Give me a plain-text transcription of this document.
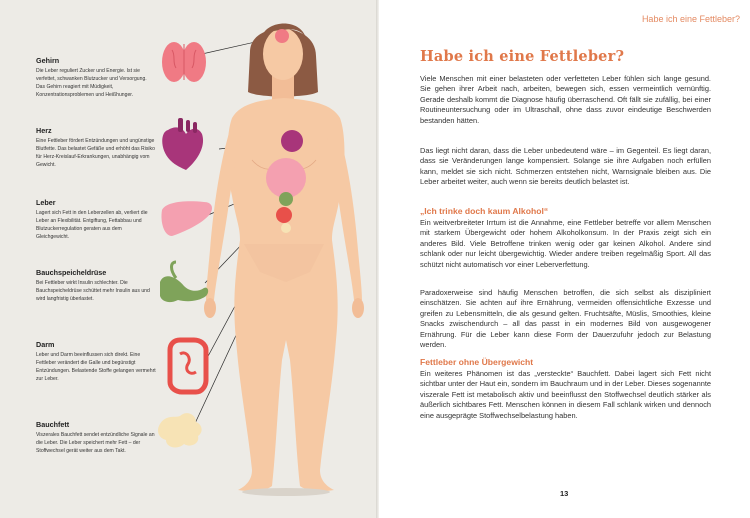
Gehirn
Die Leber reguliert Zucker und Energie. Ist sie verfettet, schwanken Blutzucker und Versorgung. Das Gehirn reagiert mit Müdigkeit, Konzentrationsproblemen und Heißhunger.
Herz
Eine Fettleber fördert Entzündungen und ungünstige Blutfette. Das belastet Gefäße und erhöht das Risiko für Herz-Kreislauf-Erkrankungen, unabhängig vom Gewicht.
Leber
Lagert sich Fett in den Leberzellen ab, verliert die Leber an Flexibilität. Entgiftung, Fettabbau und Blutzuckerregulation geraten aus dem Gleichgewicht.
Bauchspeicheldrüse
Bei Fettleber wirkt Insulin schlechter. Die Bauchspeicheldrüse schüttet mehr Insulin aus und wird langfristig überlastet.
Darm
Leber und Darm beeinflussen sich direkt. Eine Fettleber verändert die Galle und begünstigt Entzündungen. Belastende Stoffe gelangen vermehrt zur Leber.
Bauchfett
Viszerales Bauchfett sendet entzündliche Signale an die Leber. Die Leber speichert mehr Fett – der Stoffwechsel gerät weiter aus dem Takt.
Habe ich eine Fettleber?
Habe ich eine Fettleber?

Viele Menschen mit einer belasteten oder verfetteten Leber fühlen sich lange gesund. Sie gehen ihrer Arbeit nach, arbeiten, bewegen sich, essen vermeintlich vernünftig. Gerade deshalb kommt die Diagnose häufig überraschend. Oft fällt sie zufällig, bei einer Routineuntersuchung oder im Ultraschall, ohne dass zuvor eindeutige Beschwerden bestanden hätten.

Das liegt nicht daran, dass die Leber unbedeutend wäre – im Gegenteil. Es liegt daran, dass sie Veränderungen lange kompensiert. Solange sie ihre Aufgaben noch erfüllen kann, meldet sie sich nicht. Schmerzen entstehen nicht, Warnsignale bleiben aus. Die Leber arbeitet weiter, auch wenn sie bereits deutlich belastet ist.

„Ich trinke doch kaum Alkohol“

Ein weitverbreiteter Irrtum ist die Annahme, eine Fettleber betreffe vor allem Menschen mit starkem Übergewicht oder hohem Alkoholkonsum. In der Praxis zeigt sich ein anderes Bild. Viele Betroffene trinken wenig oder gar keinen Alkohol. Andere sind schlank oder nur leicht übergewichtig. Wieder andere treiben regelmäßig Sport. All das schützt nicht automatisch vor einer Leberverfettung.

Paradoxerweise sind häufig Menschen betroffen, die sich selbst als diszipliniert einschätzen. Sie achten auf ihre Ernährung, vermeiden offensichtliche Exzesse und greifen zu Lebensmitteln, die als gesund gelten. Fruchtsäfte, Müslis, Smoothies, kleine Snacks zwischendurch – all das passt in ein modernes Bild von ausgewogener Ernährung. Für die Leber kann diese Form der Dauerzufuhr jedoch zur Belastung werden.

Fettleber ohne Übergewicht

Ein weiteres Phänomen ist das „versteckte“ Bauchfett. Dabei lagert sich Fett nicht sichtbar unter der Haut ein, sondern im Bauchraum und in der Leber. Dieses sogenannte viszerale Fett ist metabolisch aktiv und beeinflusst den Stoffwechsel deutlich stärker als äußerlich sichtbares Fett. Menschen können in diesem Fall schlank wirken und dennoch eine ausgeprägte Stoffwechselbelastung haben.

13
